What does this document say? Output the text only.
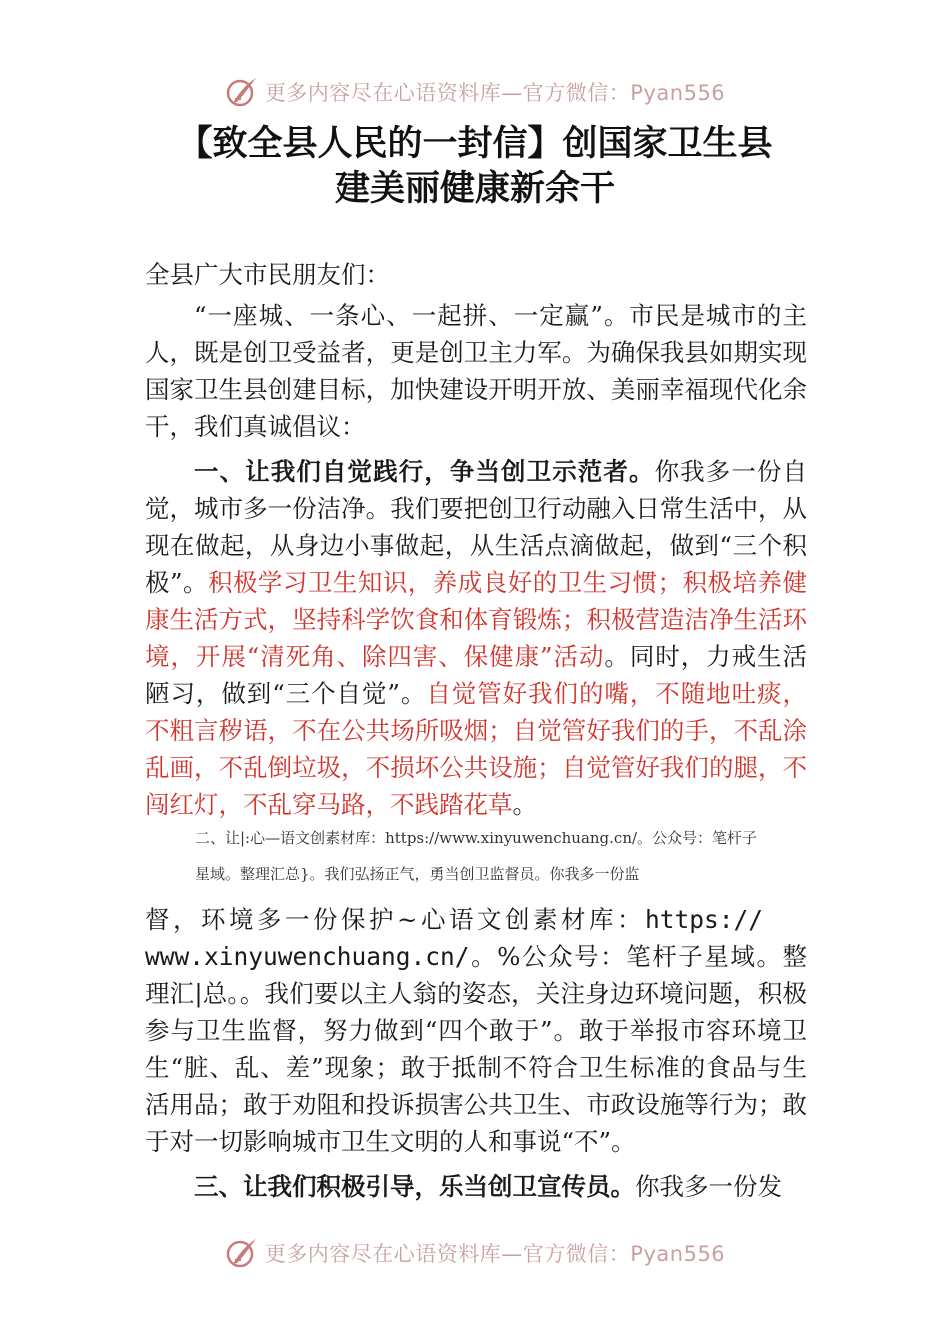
更多内容尽在心语资料库—官方微信：Pyan556
【致全县人民的一封信】创国家卫生县
建美丽健康新余干

全县广大市民朋友们：

“一座城、一条心、一起拼、一定赢”。市民是城市的主人，既是创卫受益者，更是创卫主力军。为确保我县如期实现国家卫生县创建目标，加快建设开明开放、美丽幸福现代化余干，我们真诚倡议：

一、让我们自觉践行，争当创卫示范者。你我多一份自觉，城市多一份洁净。我们要把创卫行动融入日常生活中，从现在做起，从身边小事做起，从生活点滴做起，做到“三个积极”。积极学习卫生知识，养成良好的卫生习惯；积极培养健康生活方式，坚持科学饮食和体育锻炼；积极营造洁净生活环境，开展“清死角、除四害、保健康”活动。同时，力戒生活陋习，做到“三个自觉”。自觉管好我们的嘴，不随地吐痰，不粗言秽语，不在公共场所吸烟；自觉管好我们的手，不乱涂乱画，不乱倒垃圾，不损坏公共设施；自觉管好我们的腿，不闯红灯，不乱穿马路，不践踏花草。

二、让|:心—语文创素材库：https://www.xinyuwenchuang.cn/。公众号：笔杆子
星域。整理汇总}。我们弘扬正气，勇当创卫监督员。你我多一份监

督，环境多一份保护~心语文创素材库：https://
www.xinyuwenchuang.cn/。%公众号：笔杆子星域。整理汇|总。。我们要以主人翁的姿态，关注身边环境问题，积极参与卫生监督，努力做到“四个敢于”。敢于举报市容环境卫生“脏、乱、差”现象；敢于抵制不符合卫生标准的食品与生活用品；敢于劝阻和投诉损害公共卫生、市政设施等行为；敢于对一切影响城市卫生文明的人和事说“不”。

三、让我们积极引导，乐当创卫宣传员。你我多一份发

更多内容尽在心语资料库—官方微信：Pyan556
